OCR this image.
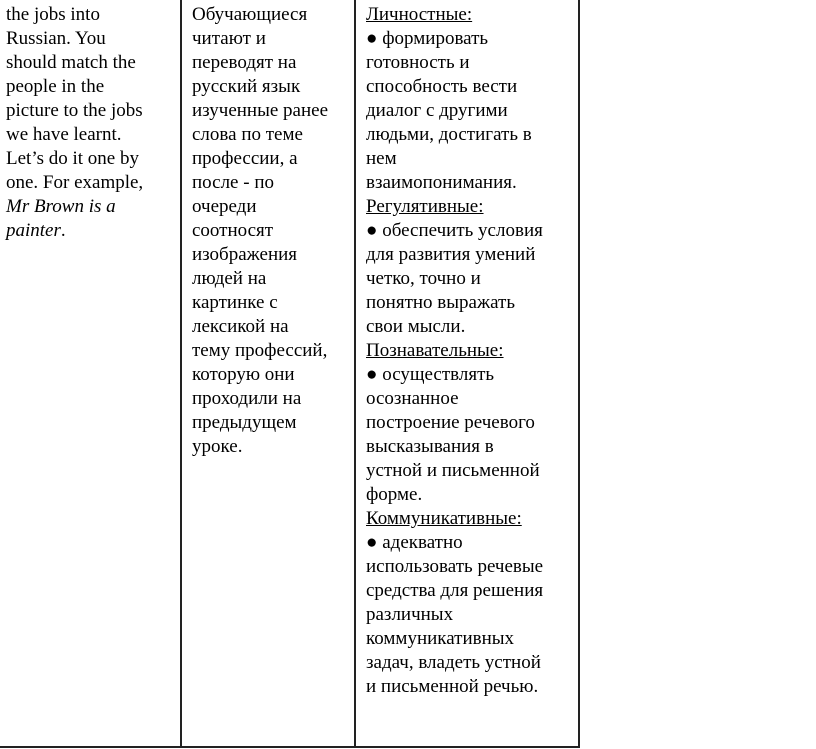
the jobs into
Russian. You
should match the
people in the
picture to the jobs
we have learnt.
Let’s do it one by
one. For example,
Mr Brown is a
painter.
Обучающиеся
читают и
переводят на
русский язык
изученные ранее
слова по теме
профессии, а
после - по
очереди
соотносят
изображения
людей на
картинке с
лексикой на
тему профессий,
которую они
проходили на
предыдущем
уроке.
Личностные:
● формировать
готовность и
способность вести
диалог с другими
людьми, достигать в
нем
взаимопонимания.
Регулятивные:
● обеспечить условия
для развития умений
четко, точно и
понятно выражать
свои мысли.
Познавательные:
● осуществлять
осознанное
построение речевого
высказывания в
устной и письменной
форме.
Коммуникативные:
● адекватно
использовать речевые
средства для решения
различных
коммуникативных
задач, владеть устной
и письменной речью.
